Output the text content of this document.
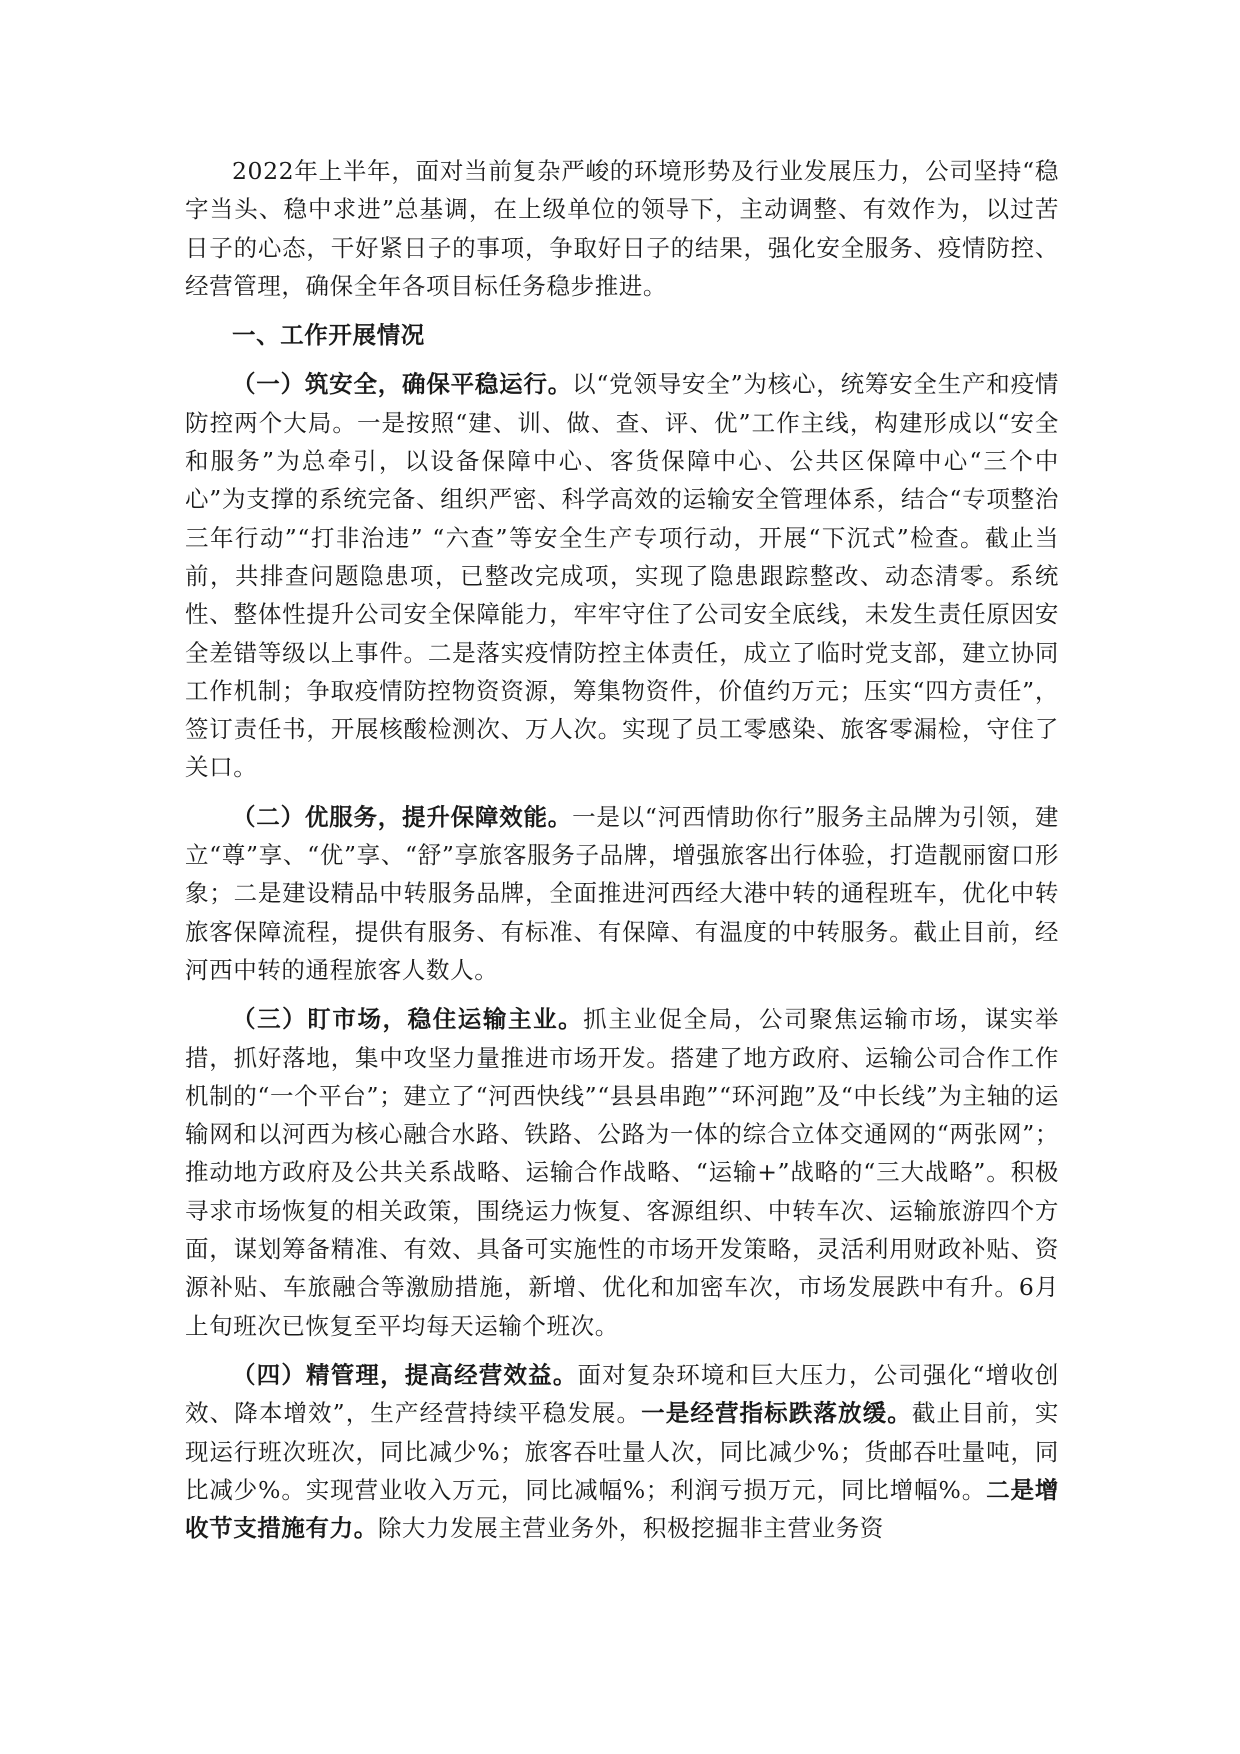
2022年上半年，面对当前复杂严峻的环境形势及行业发展压力，公司坚持“稳字当头、稳中求进”总基调，在上级单位的领导下，主动调整、有效作为，以过苦日子的心态，干好紧日子的事项，争取好日子的结果，强化安全服务、疫情防控、经营管理，确保全年各项目标任务稳步推进。

一、工作开展情况

（一）筑安全，确保平稳运行。以“党领导安全”为核心，统筹安全生产和疫情防控两个大局。一是按照“建、训、做、查、评、优”工作主线，构建形成以“安全和服务”为总牵引，以设备保障中心、客货保障中心、公共区保障中心“三个中心”为支撑的系统完备、组织严密、科学高效的运输安全管理体系，结合“专项整治三年行动”“打非治违” “六查”等安全生产专项行动，开展“下沉式”检查。截止当前，共排查问题隐患项，已整改完成项，实现了隐患跟踪整改、动态清零。系统性、整体性提升公司安全保障能力，牢牢守住了公司安全底线，未发生责任原因安全差错等级以上事件。二是落实疫情防控主体责任，成立了临时党支部，建立协同工作机制；争取疫情防控物资资源，筹集物资件，价值约万元；压实“四方责任”，签订责任书，开展核酸检测次、万人次。实现了员工零感染、旅客零漏检，守住了关口。

（二）优服务，提升保障效能。一是以“河西情助你行”服务主品牌为引领，建立“尊”享、“优”享、“舒”享旅客服务子品牌，增强旅客出行体验，打造靓丽窗口形象；二是建设精品中转服务品牌，全面推进河西经大港中转的通程班车，优化中转旅客保障流程，提供有服务、有标准、有保障、有温度的中转服务。截止目前，经河西中转的通程旅客人数人。

（三）盯市场，稳住运输主业。抓主业促全局，公司聚焦运输市场，谋实举措，抓好落地，集中攻坚力量推进市场开发。搭建了地方政府、运输公司合作工作机制的“一个平台”；建立了“河西快线”“县县串跑”“环河跑”及“中长线”为主轴的运输网和以河西为核心融合水路、铁路、公路为一体的综合立体交通网的“两张网”；推动地方政府及公共关系战略、运输合作战略、“运输+”战略的“三大战略”。积极寻求市场恢复的相关政策，围绕运力恢复、客源组织、中转车次、运输旅游四个方面，谋划筹备精准、有效、具备可实施性的市场开发策略，灵活利用财政补贴、资源补贴、车旅融合等激励措施，新增、优化和加密车次，市场发展跌中有升。6月上旬班次已恢复至平均每天运输个班次。

（四）精管理，提高经营效益。面对复杂环境和巨大压力，公司强化“增收创效、降本增效”，生产经营持续平稳发展。一是经营指标跌落放缓。截止目前，实现运行班次班次，同比减少%；旅客吞吐量人次，同比减少%；货邮吞吐量吨，同比减少%。实现营业收入万元，同比减幅%；利润亏损万元，同比增幅%。二是增收节支措施有力。除大力发展主营业务外，积极挖掘非主营业务资
